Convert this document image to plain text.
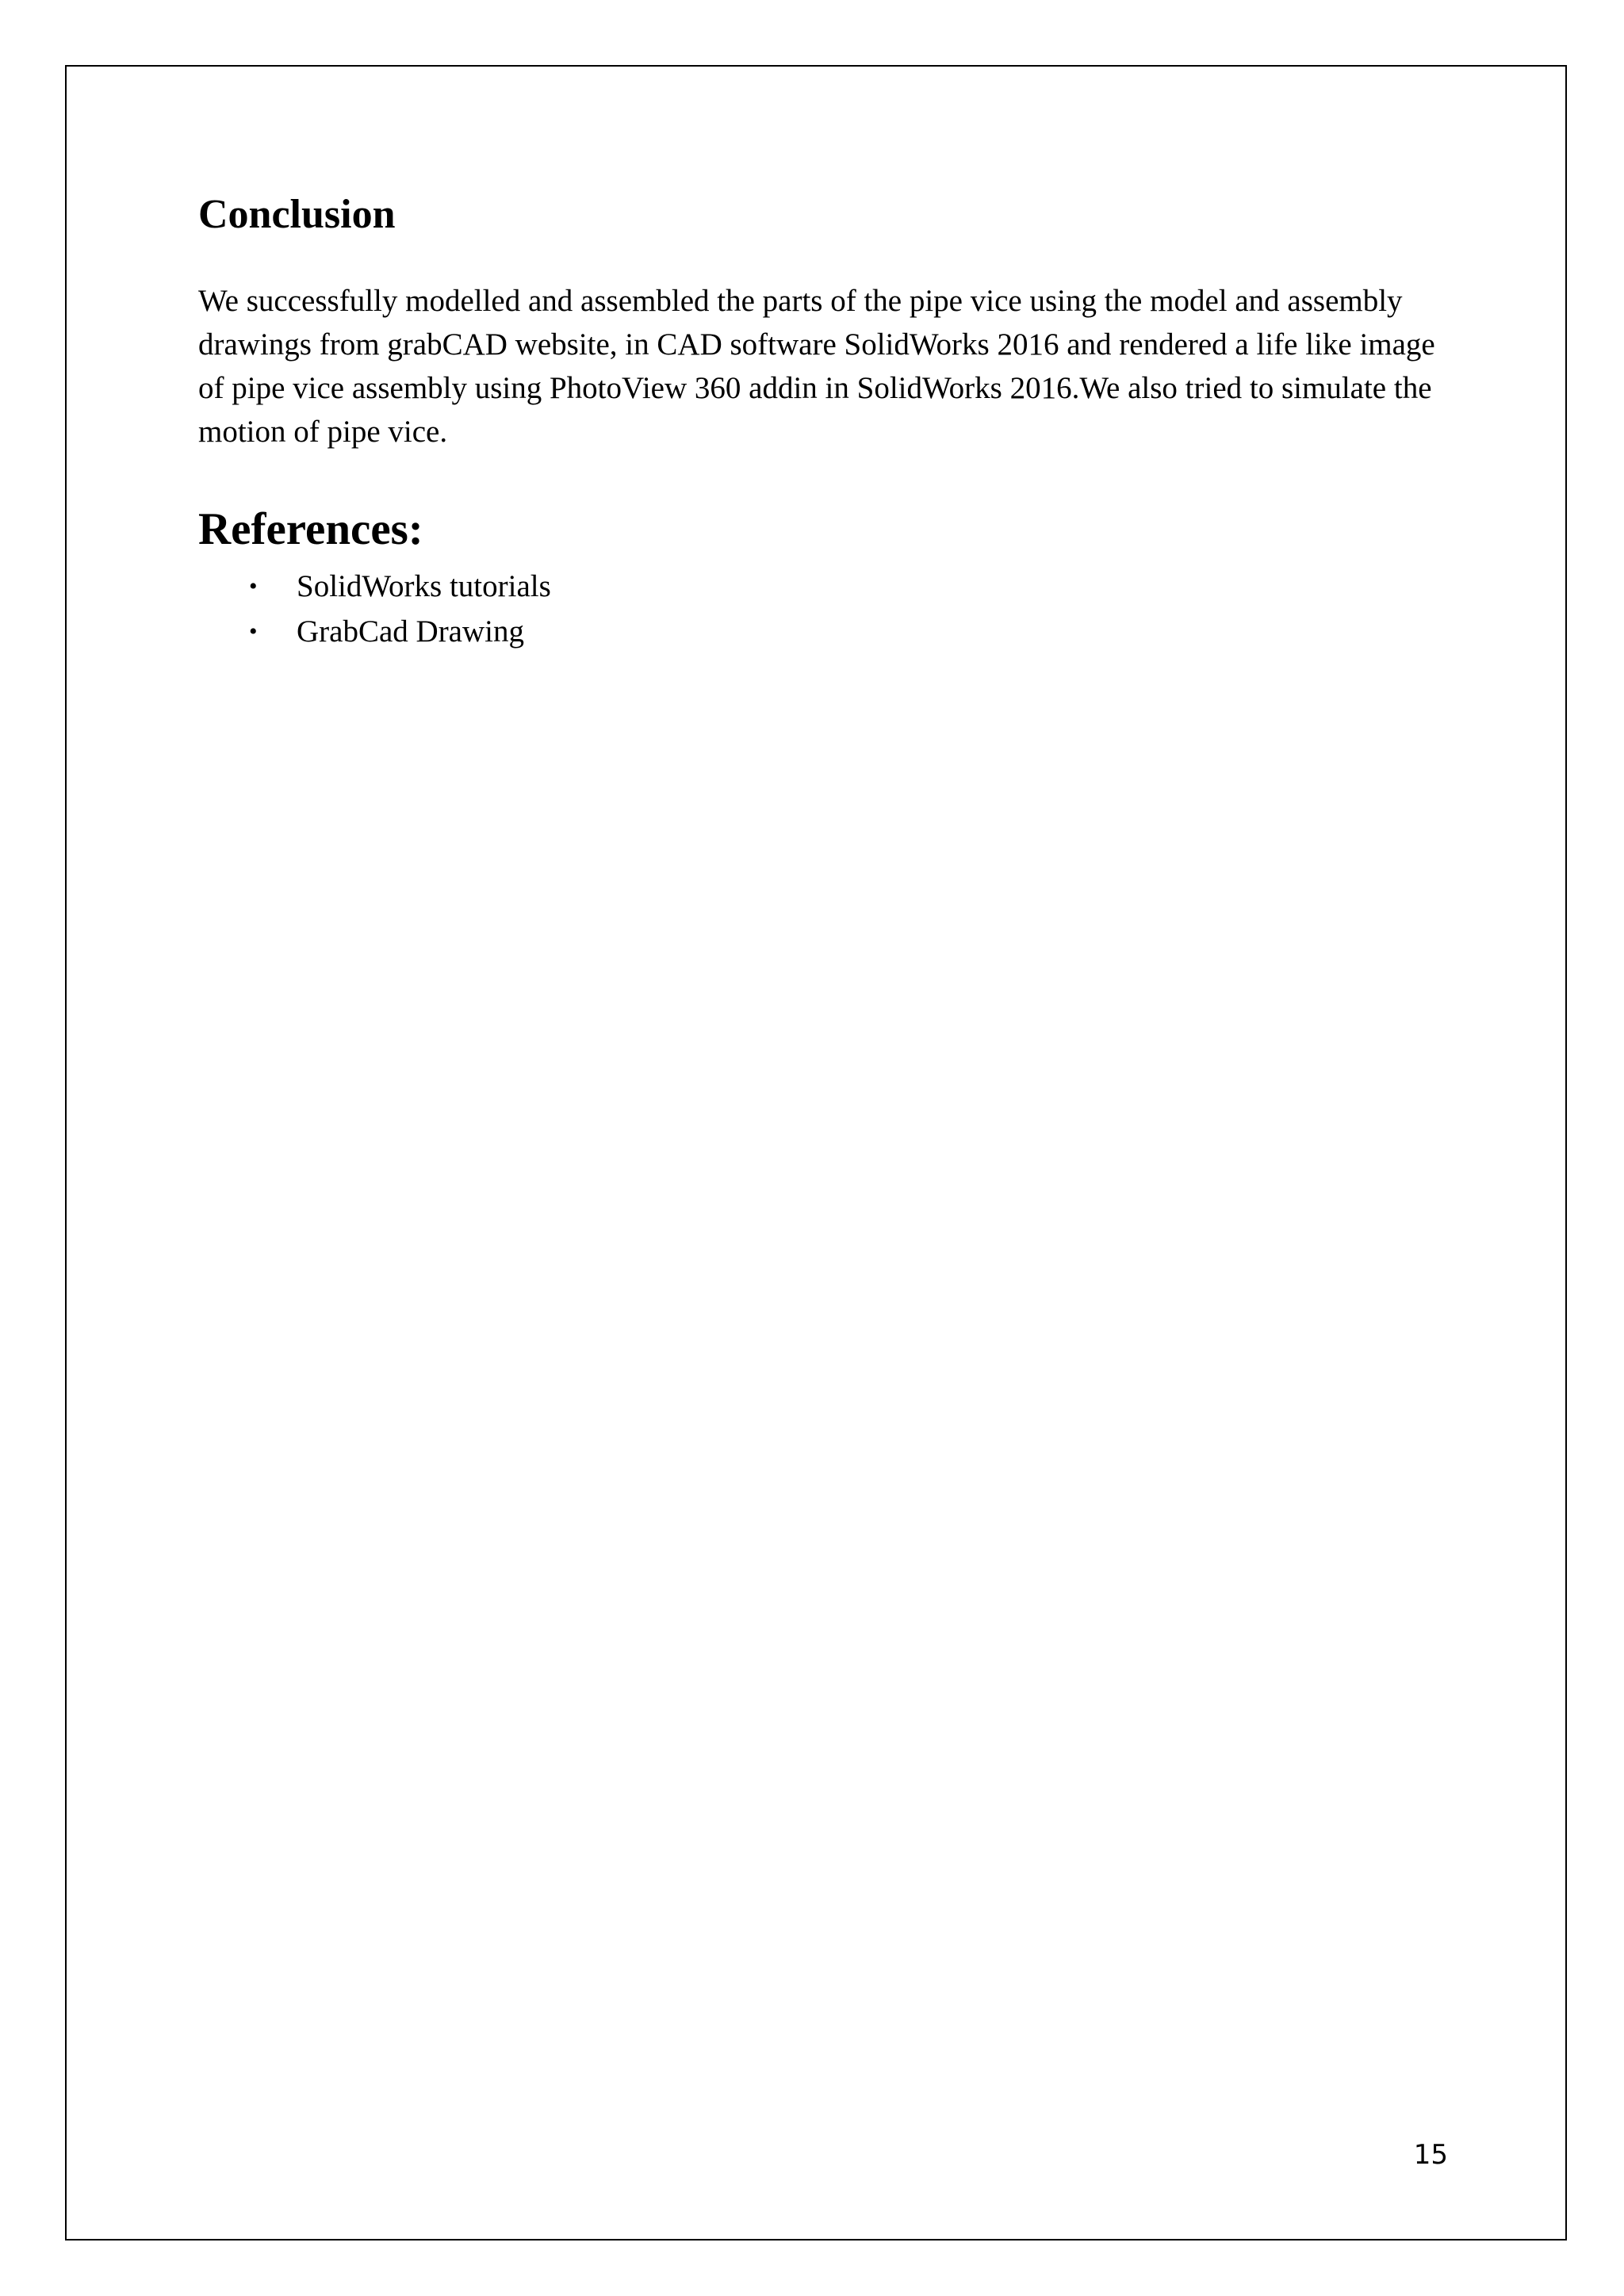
Conclusion

We successfully modelled and assembled the parts of the pipe vice using the model and assembly drawings from grabCAD website, in CAD software SolidWorks 2016 and rendered a life like image of pipe vice assembly using PhotoView 360 addin in SolidWorks 2016.We also tried to simulate the motion of pipe vice.

References:
• SolidWorks tutorials
• GrabCad Drawing
15
